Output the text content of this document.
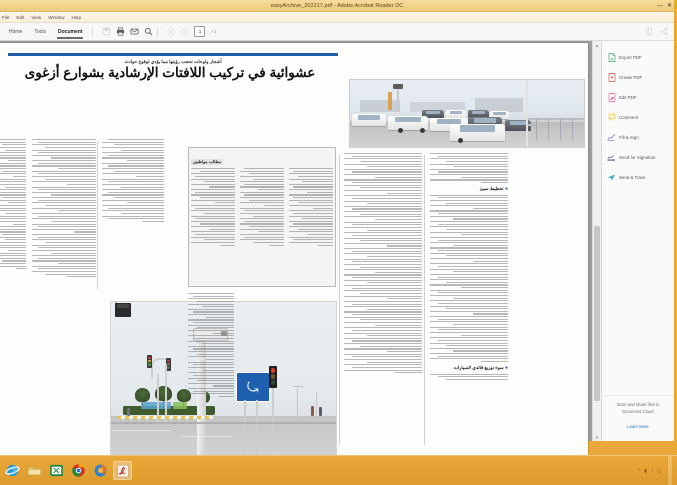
easyArchive_202217.pdf - Adobe Acrobat Reader DC	— ✕
File Edit View Window Help
Home	Tools	Document	1	/ 1
أشجار ولوحات تحجب رؤيتها مما يؤدي لوقوع حوادث
عشوائية في تركيب اللافتات الإرشادية بشوارع أزغوى
⤾
مطالب مواطنين
● تخطيط سيئ
● سوء توزيع قائدي السيارات
▲
▼
Export PDF
Create PDF
Edit PDF
Comment
Fill & Sign
Send for Signature
Send & Track
Store and share files in
Document Cloud
Learn More
^ ▮ ◔ ◻
